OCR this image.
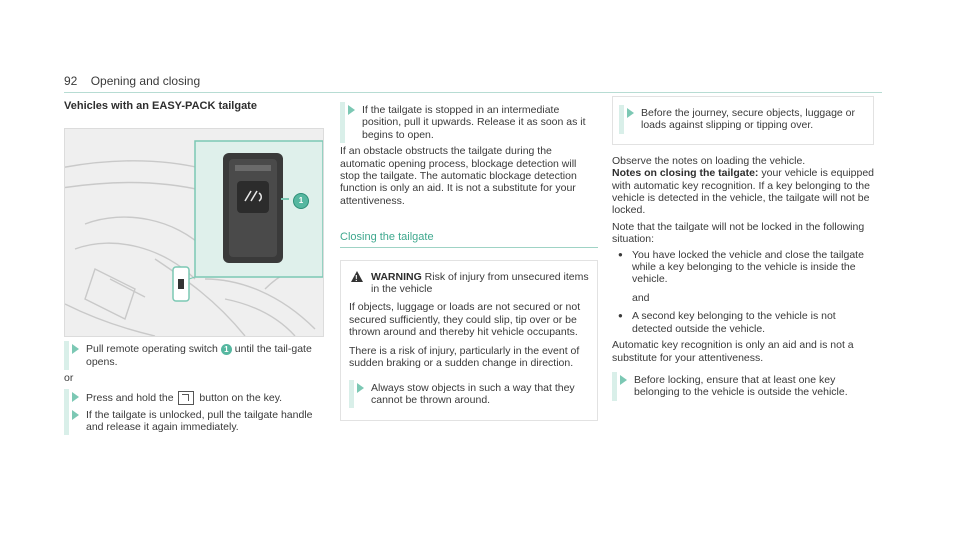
92 Opening and closing
Vehicles with an EASY-PACK tailgate
1
Pull remote operating switch 1 until the tail-gate opens.

or

Press and hold the button on the key.
If the tailgate is unlocked, pull the tailgate handle and release it again immediately.
If the tailgate is stopped in an intermediate position, pull it upwards. Release it as soon as it begins to open.

If an obstacle obstructs the tailgate during the automatic opening process, blockage detection will stop the tailgate. The automatic blockage detection function is only an aid. It is not a substitute for your attentiveness.

Closing the tailgate
!
WARNING Risk of injury from unsecured items in the vehicle

If objects, luggage or loads are not secured or not secured sufficiently, they could slip, tip over or be thrown around and thereby hit vehicle occupants.

There is a risk of injury, particularly in the event of sudden braking or a sudden change in direction.

Always stow objects in such a way that they cannot be thrown around.
Before the journey, secure objects, luggage or loads against slipping or tipping over.

Observe the notes on loading the vehicle.

Notes on closing the tailgate: your vehicle is equipped with automatic key recognition. If a key belonging to the vehicle is detected in the vehicle, the tailgate will not be locked.

Note that the tailgate will not be locked in the following situation:

● You have locked the vehicle and close the tailgate while a key belonging to the vehicle is inside the vehicle.

and

● A second key belonging to the vehicle is not detected outside the vehicle.

Automatic key recognition is only an aid and is not a substitute for your attentiveness.

Before locking, ensure that at least one key belonging to the vehicle is outside the vehicle.
